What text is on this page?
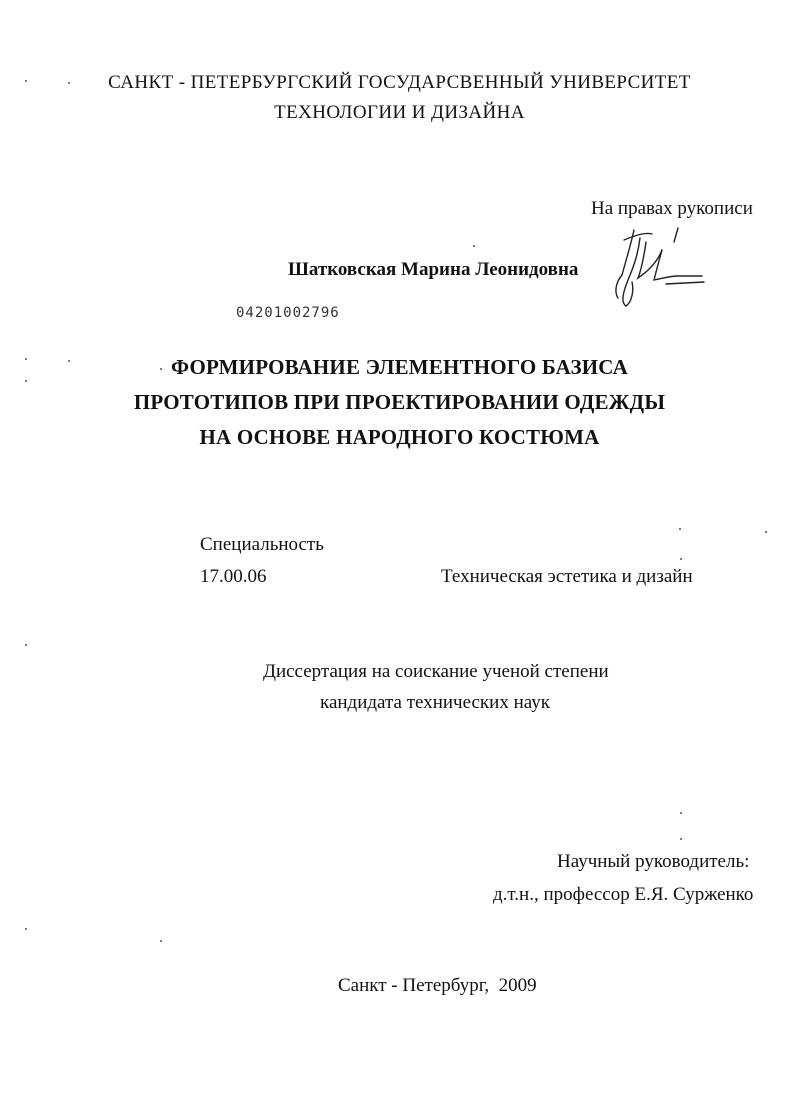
САНКТ - ПЕТЕРБУРГСКИЙ ГОСУДАРСВЕННЫЙ УНИВЕРСИТЕТ
ТЕХНОЛОГИИ И ДИЗАЙНА
На правах рукописи
Шатковская Марина Леонидовна
04201002796
ФОРМИРОВАНИЕ ЭЛЕМЕНТНОГО БАЗИСА
ПРОТОТИПОВ ПРИ ПРОЕКТИРОВАНИИ ОДЕЖДЫ
НА ОСНОВЕ НАРОДНОГО КОСТЮМА
Специальность
17.00.06	Техническая эстетика и дизайн
Диссертация на соискание ученой степени
кандидата технических наук
Научный руководитель:
д.т.н., профессор Е.Я. Сурженко
Санкт - Петербург,  2009
